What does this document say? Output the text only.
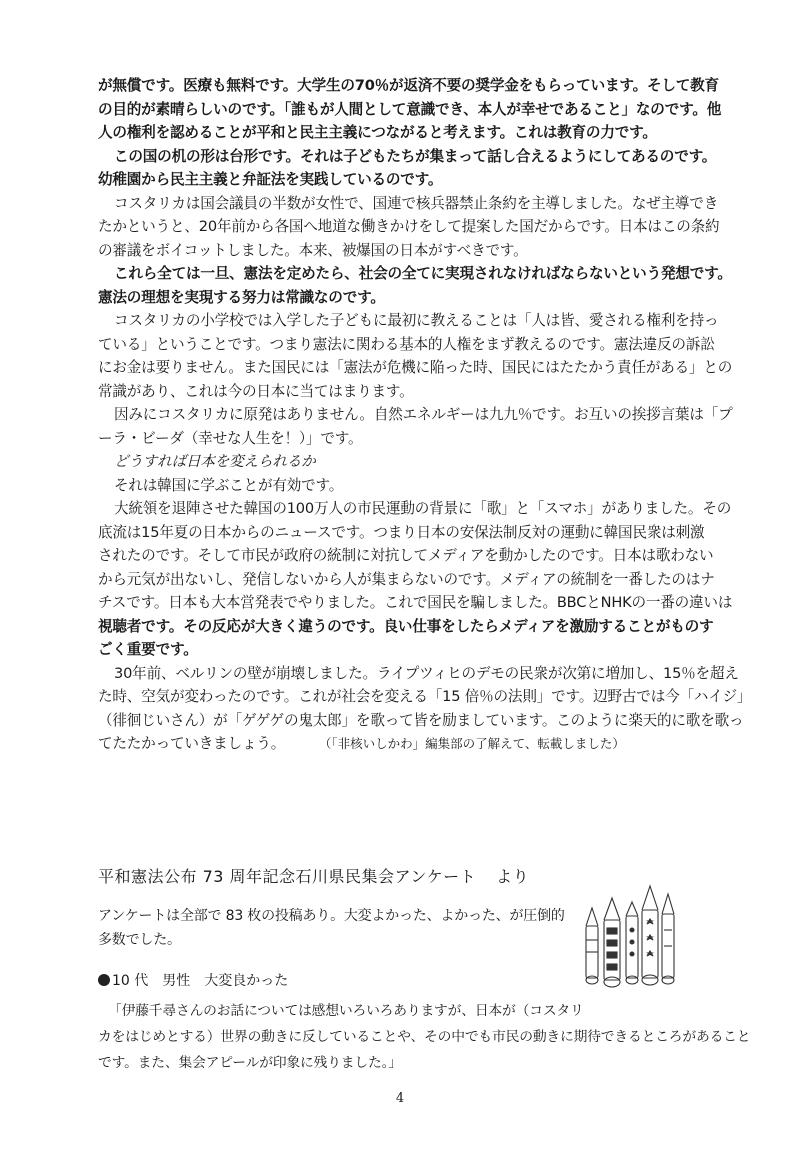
が無償です。医療も無料です。大学生の70％が返済不要の奨学金をもらっています。そして教育
の目的が素晴らしいのです。「誰もが人間として意識でき、本人が幸せであること」なのです。他
人の権利を認めることが平和と民主主義につながると考えます。これは教育の力です。
この国の机の形は台形です。それは子どもたちが集まって話し合えるようにしてあるのです。
幼稚園から民主主義と弁証法を実践しているのです。
コスタリカは国会議員の半数が女性で、国連で核兵器禁止条約を主導しました。なぜ主導でき
たかというと、20年前から各国へ地道な働きかけをして提案した国だからです。日本はこの条約
の審議をボイコットしました。本来、被爆国の日本がすべきです。
これら全ては一旦、憲法を定めたら、社会の全てに実現されなければならないという発想です。
憲法の理想を実現する努力は常識なのです。
コスタリカの小学校では入学した子どもに最初に教えることは「人は皆、愛される権利を持っ
ている」ということです。つまり憲法に関わる基本的人権をまず教えるのです。憲法違反の訴訟
にお金は要りません。また国民には「憲法が危機に陥った時、国民にはたたかう責任がある」との
常識があり、これは今の日本に当てはまります。
因みにコスタリカに原発はありません。自然エネルギーは九九％です。お互いの挨拶言葉は「プ
ーラ・ビーダ（幸せな人生を！）」です。
どうすれば日本を変えられるか
それは韓国に学ぶことが有効です。
大統領を退陣させた韓国の100万人の市民運動の背景に「歌」と「スマホ」がありました。その
底流は15年夏の日本からのニュースです。つまり日本の安保法制反対の運動に韓国民衆は刺激
されたのです。そして市民が政府の統制に対抗してメディアを動かしたのです。日本は歌わない
から元気が出ないし、発信しないから人が集まらないのです。メディアの統制を一番したのはナ
チスです。日本も大本営発表でやりました。これで国民を騙しました。BBCとNHKの一番の違いは
視聴者です。その反応が大きく違うのです。良い仕事をしたらメディアを激励することがものす
ごく重要です。
30年前、ベルリンの壁が崩壊しました。ライプツィヒのデモの民衆が次第に増加し、15％を超え
た時、空気が変わったのです。これが社会を変える「15 倍％の法則」です。辺野古では今「ハイジ」
（徘徊じいさん）が「ゲゲゲの鬼太郎」を歌って皆を励ましています。このように楽天的に歌を歌っ
てたたかっていきましょう。	（「非核いしかわ」編集部の了解えて、転載しました）
平和憲法公布 73 周年記念石川県民集会アンケート より
アンケートは全部で 83 枚の投稿あり。大変よかった、よかった、が圧倒的
多数でした。
10 代 男性 大変良かった
「伊藤千尋さんのお話については感想いろいろありますが、日本が（コスタリ
カをはじめとする）世界の動きに反していることや、その中でも市民の動きに期待できるところがあること
です。また、集会アピールが印象に残りました。」
4
